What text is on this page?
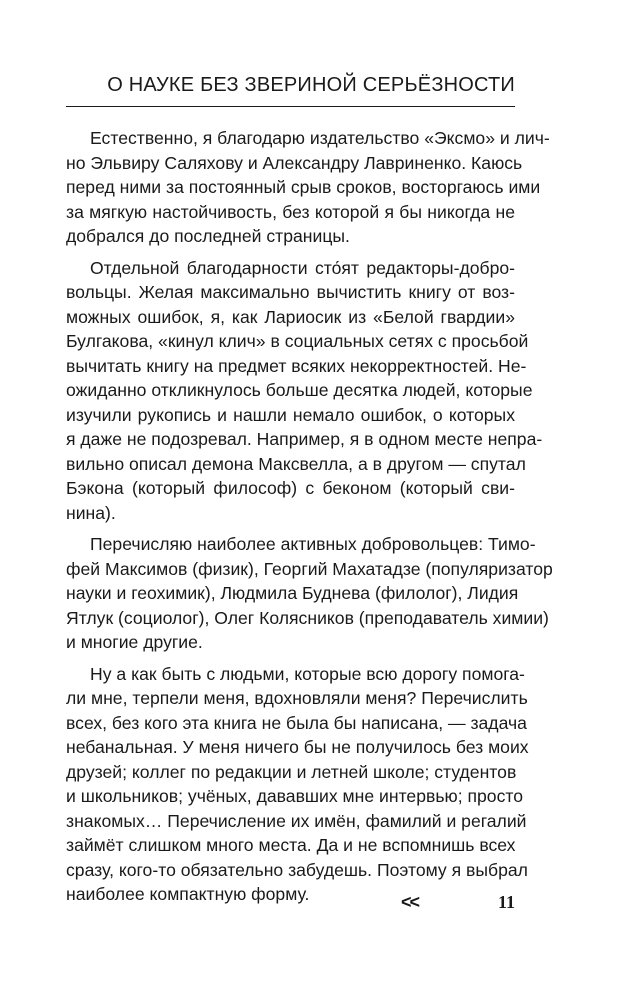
О НАУКЕ БЕЗ ЗВЕРИНОЙ СЕРЬЁЗНОСТИ
Естественно, я благодарю издательство «Эксмо» и лич-
но Эльвиру Саляхову и Александру Лавриненко. Каюсь
перед ними за постоянный срыв сроков, восторгаюсь ими
за мягкую настойчивость, без которой я бы никогда не
добрался до последней страницы.
Отдельной благодарности сто́ят редакторы-добро-
вольцы. Желая максимально вычистить книгу от воз-
можных ошибок, я, как Лариосик из «Белой гвардии»
Булгакова, «кинул клич» в социальных сетях с просьбой
вычитать книгу на предмет всяких некорректностей. Не-
ожиданно откликнулось больше десятка людей, которые
изучили рукопись и нашли немало ошибок, о которых
я даже не подозревал. Например, я в одном месте непра-
вильно описал демона Максвелла, а в другом — спутал
Бэкона (который философ) с беконом (который сви-
нина).
Перечисляю наиболее активных добровольцев: Тимо-
фей Максимов (физик), Георгий Махатадзе (популяризатор
науки и геохимик), Людмила Буднева (филолог), Лидия
Ятлук (социолог), Олег Колясников (преподаватель химии)
и многие другие.
Ну а как быть с людьми, которые всю дорогу помога-
ли мне, терпели меня, вдохновляли меня? Перечислить
всех, без кого эта книга не была бы написана, — задача
небанальная. У меня ничего бы не получилось без моих
друзей; коллег по редакции и летней школе; студентов
и школьников; учёных, дававших мне интервью; просто
знакомых… Перечисление их имён, фамилий и регалий
займёт слишком много места. Да и не вспомнишь всех
сразу, кого-то обязательно забудешь. Поэтому я выбрал
наиболее компактную форму.	<<	11
